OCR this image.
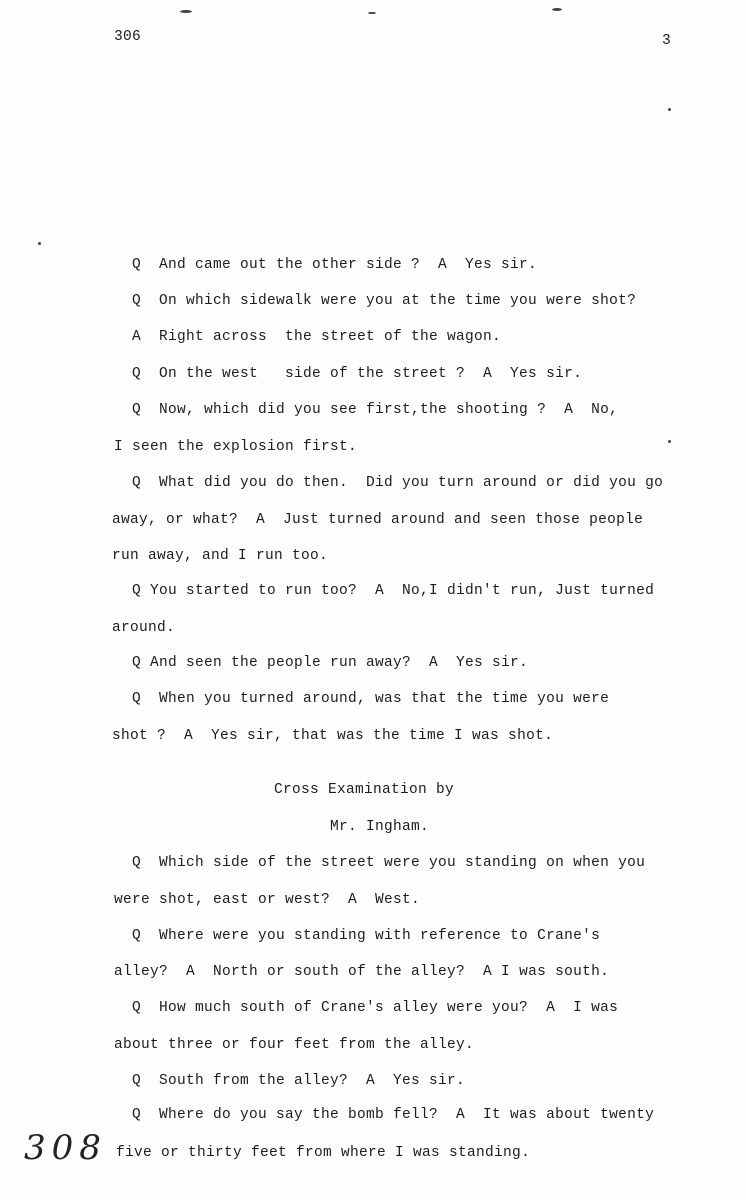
306	3
Q  And came out the other side ?  A  Yes sir.
Q  On which sidewalk were you at the time you were shot?
A  Right across  the street of the wagon.
Q  On the west   side of the street ?  A  Yes sir.
Q  Now, which did you see first,the shooting ?  A  No,
I seen the explosion first.
Q  What did you do then.  Did you turn around or did you go
away, or what?  A  Just turned around and seen those people
run away, and I run too.
Q You started to run too?  A  No,I didn't run, Just turned
around.
Q And seen the people run away?  A  Yes sir.
Q  When you turned around, was that the time you were
shot ?  A  Yes sir, that was the time I was shot.
Cross Examination by
Mr. Ingham.
Q  Which side of the street were you standing on when you
were shot, east or west?  A  West.
Q  Where were you standing with reference to Crane's
alley?  A  North or south of the alley?  A I was south.
Q  How much south of Crane's alley were you?  A  I was
about three or four feet from the alley.
Q  South from the alley?  A  Yes sir.
Q  Where do you say the bomb fell?  A  It was about twenty
five or thirty feet from where I was standing.
308
